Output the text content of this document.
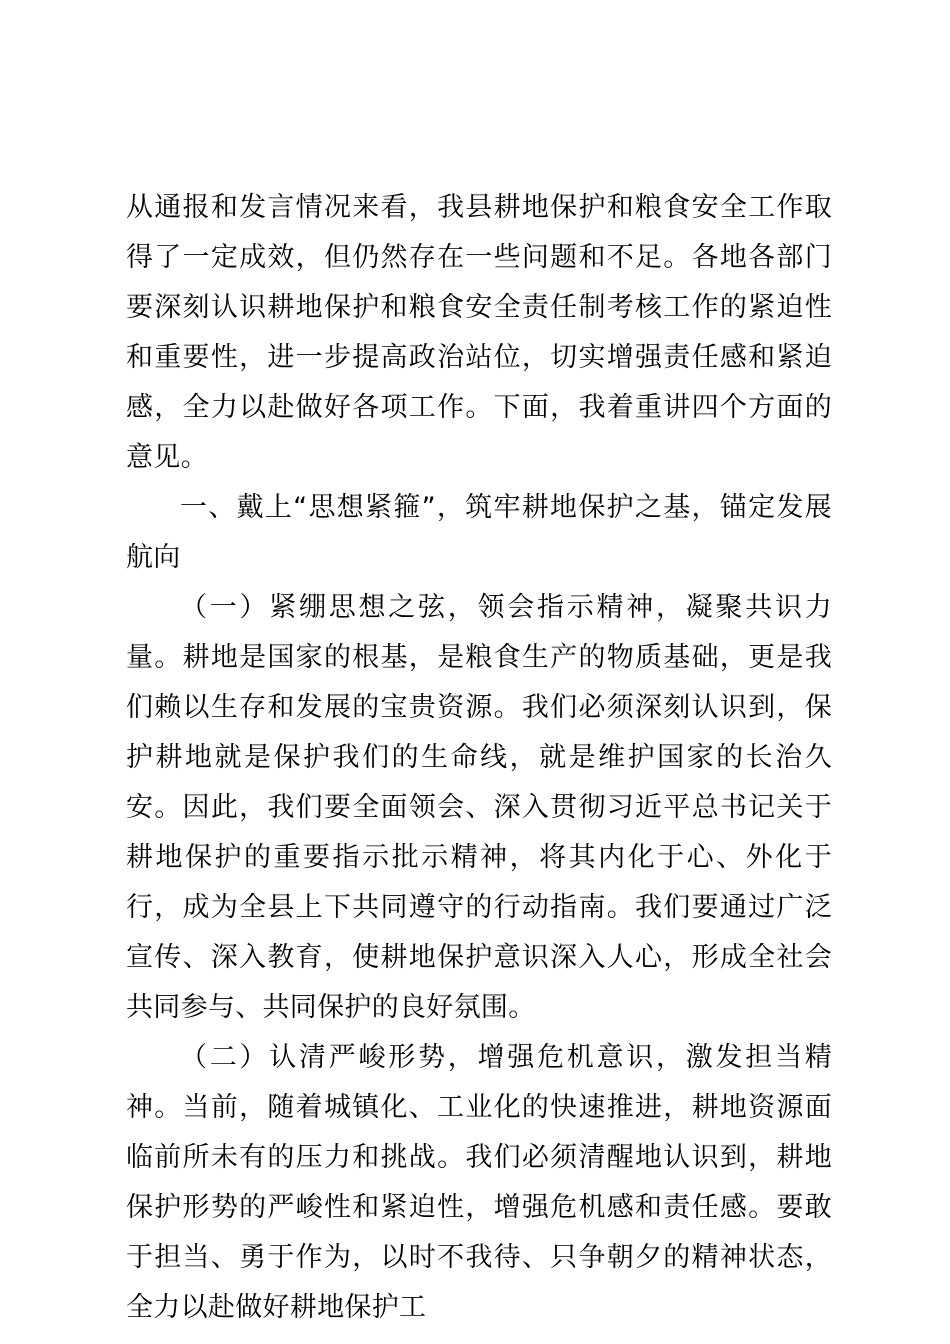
从通报和发言情况来看，我县耕地保护和粮食安全工作取得了一定成效，但仍然存在一些问题和不足。各地各部门要深刻认识耕地保护和粮食安全责任制考核工作的紧迫性和重要性，进一步提高政治站位，切实增强责任感和紧迫感，全力以赴做好各项工作。下面，我着重讲四个方面的意见。

一、戴上“思想紧箍”，筑牢耕地保护之基，锚定发展航向

（一）紧绷思想之弦，领会指示精神，凝聚共识力量。耕地是国家的根基，是粮食生产的物质基础，更是我们赖以生存和发展的宝贵资源。我们必须深刻认识到，保护耕地就是保护我们的生命线，就是维护国家的长治久安。因此，我们要全面领会、深入贯彻习近平总书记关于耕地保护的重要指示批示精神，将其内化于心、外化于行，成为全县上下共同遵守的行动指南。我们要通过广泛宣传、深入教育，使耕地保护意识深入人心，形成全社会共同参与、共同保护的良好氛围。

（二）认清严峻形势，增强危机意识，激发担当精神。当前，随着城镇化、工业化的快速推进，耕地资源面临前所未有的压力和挑战。我们必须清醒地认识到，耕地保护形势的严峻性和紧迫性，增强危机感和责任感。要敢于担当、勇于作为，以时不我待、只争朝夕的精神状态，全力以赴做好耕地保护工
